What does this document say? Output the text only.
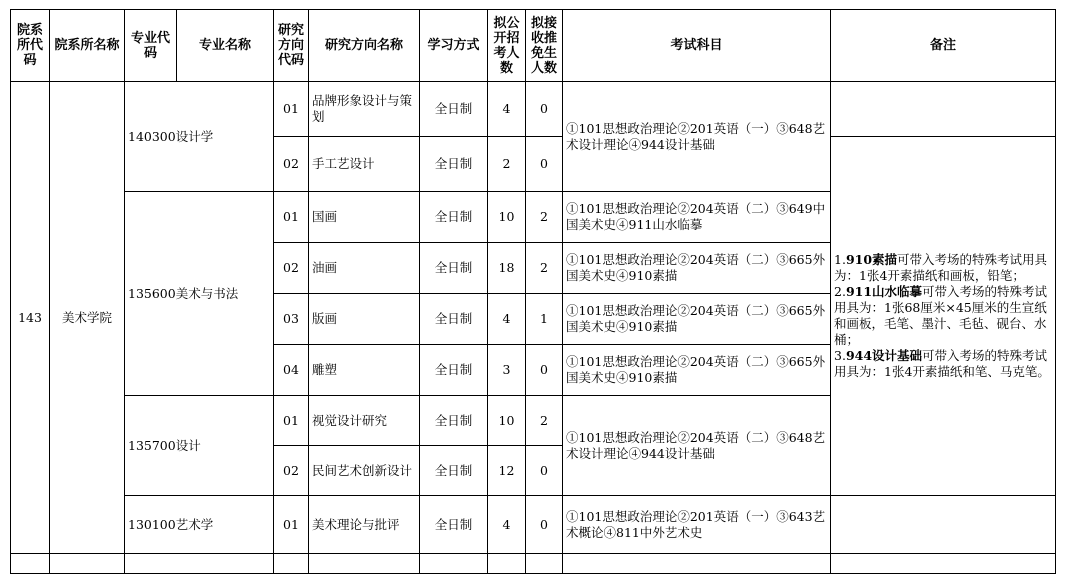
院系所代码	院系所名称	专业代码	专业名称	研究方向代码	研究方向名称	学习方式	拟公开招考人数	拟接收推免生人数	考试科目	备注
143	美术学院	140300设计学		01	品牌形象设计与策划	全日制	4	0	①101思想政治理论②201英语（一）③648艺术设计理论④944设计基础	
				02	手工艺设计	全日制	2	0		1.910素描可带入考场的特殊考试用具为：1张4开素描纸和画板，铅笔；
2.911山水临摹可带入考场的特殊考试用具为：1张68厘米×45厘米的生宣纸和画板，毛笔、墨汁、毛毡、砚台、水桶；
3.944设计基础可带入考场的特殊考试用具为：1张4开素描纸和笔、马克笔。

		135600美术与书法		01	国画	全日制	10	2	①101思想政治理论②204英语（二）③649中国美术史④911山水临摹	
				02	油画	全日制	18	2	①101思想政治理论②204英语（二）③665外国美术史④910素描	
				03	版画	全日制	4	1	①101思想政治理论②204英语（二）③665外国美术史④910素描	
				04	雕塑	全日制	3	0	①101思想政治理论②204英语（二）③665外国美术史④910素描	
		135700设计		01	视觉设计研究	全日制	10	2	①101思想政治理论②204英语（二）③648艺术设计理论④944设计基础	
				02	民间艺术创新设计	全日制	12	0		
		130100艺术学		01	美术理论与批评	全日制	4	0	①101思想政治理论②201英语（一）③643艺术概论④811中外艺术史	
